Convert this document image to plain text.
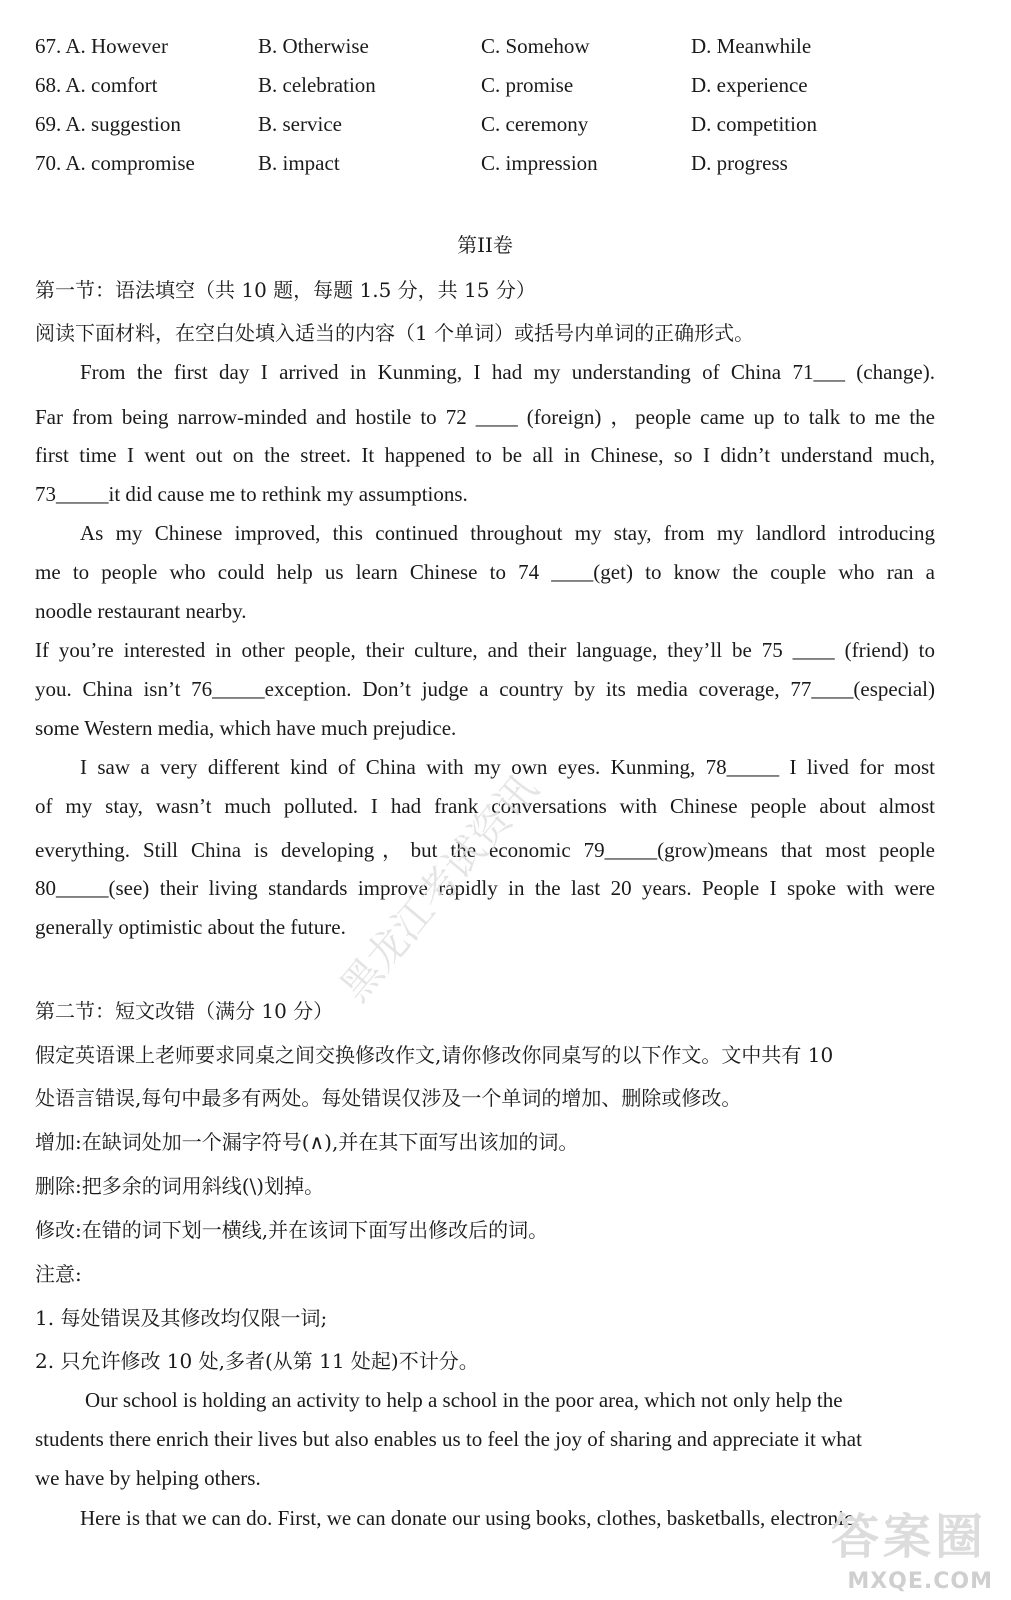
67. A. However	B. Otherwise	C. Somehow	D. Meanwhile
68. A. comfort	B. celebration	C. promise	D. experience
69. A. suggestion	B. service	C. ceremony	D. competition
70. A. compromise	B. impact	C. impression	D. progress
第II卷
第一节：语法填空（共 10 题，每题 1.5 分，共 15 分）
阅读下面材料，在空白处填入适当的内容（1 个单词）或括号内单词的正确形式。
From the first day I arrived in Kunming, I had my understanding of China 71___ (change).
Far from being narrow-minded and hostile to 72 ____ (foreign) ，people came up to talk to me the
first time I went out on the street. It happened to be all in Chinese, so I didn’t understand much,
73_____it did cause me to rethink my assumptions.
As my Chinese improved, this continued throughout my stay, from my landlord introducing
me to people who could help us learn Chinese to 74 ____(get) to know the couple who ran a
noodle restaurant nearby.
If you’re interested in other people, their culture, and their language, they’ll be 75 ____ (friend) to
you. China isn’t 76_____exception. Don’t judge a country by its media coverage, 77____(especial)
some Western media, which have much prejudice.
I saw a very different kind of China with my own eyes. Kunming, 78_____ I lived for most
of my stay, wasn’t much polluted. I had frank conversations with Chinese people about almost
everything. Still China is developing，but the economic 79_____(grow)means that most people
80_____(see) their living standards improve rapidly in the last 20 years. People I spoke with were
generally optimistic about the future.
第二节：短文改错（满分 10 分）
假定英语课上老师要求同桌之间交换修改作文,请你修改你同桌写的以下作文。文中共有 10
处语言错误,每句中最多有两处。每处错误仅涉及一个单词的增加、删除或修改。
增加:在缺词处加一个漏字符号(∧),并在其下面写出该加的词。
删除:把多余的词用斜线(\)划掉。
修改:在错的词下划一横线,并在该词下面写出修改后的词。
注意:
1. 每处错误及其修改均仅限一词;
2. 只允许修改 10 处,多者(从第 11 处起)不计分。
Our school is holding an activity to help a school in the poor area, which not only help the
students there enrich their lives but also enables us to feel the joy of sharing and appreciate it what
we have by helping others.
Here is that we can do. First, we can donate our using books, clothes, basketballs, electronic
黑龙江考试资讯
答案圈
MXQE.COM
